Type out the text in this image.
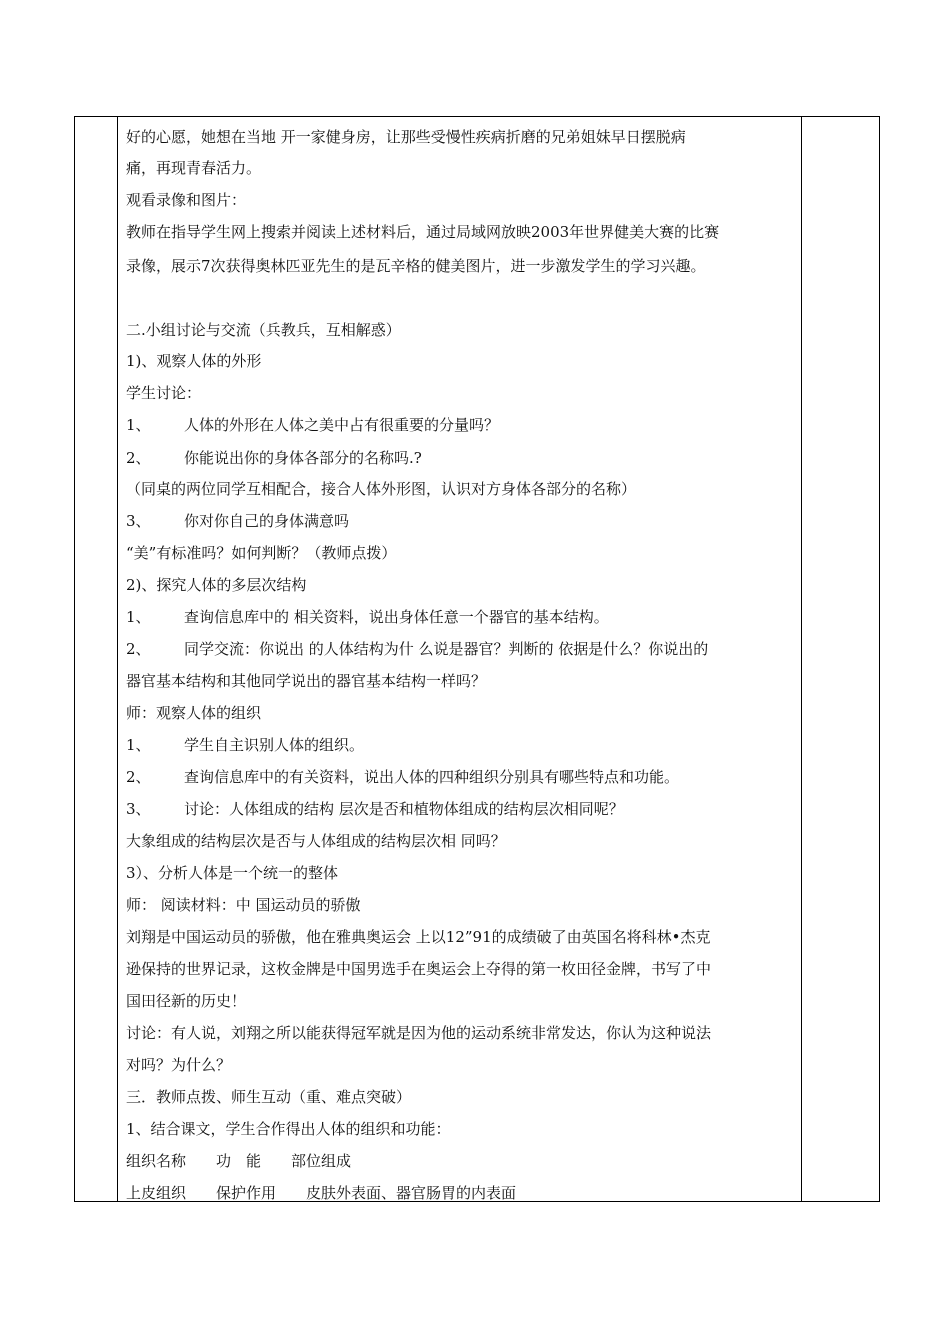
好的心愿，她想在当地 开一家健身房，让那些受慢性疾病折磨的兄弟姐妹早日摆脱病
痛，再现青春活力。
观看录像和图片：
教师在指导学生网上搜索并阅读上述材料后，通过局域网放映2003年世界健美大赛的比赛
录像，展示7次获得奥林匹亚先生的是瓦辛格的健美图片，进一步激发学生的学习兴趣。
二.小组讨论与交流（兵教兵，互相解惑）
1)、观察人体的外形
学生讨论：
1、 人体的外形在人体之美中占有很重要的分量吗？
2、 你能说出你的身体各部分的名称吗.?
（同桌的两位同学互相配合，接合人体外形图，认识对方身体各部分的名称）
3、 你对你自己的身体满意吗
“美”有标准吗？如何判断？（教师点拨）
2)、探究人体的多层次结构
1、 查询信息库中的 相关资料，说出身体任意一个器官的基本结构。
2、 同学交流：你说出 的人体结构为什 么说是器官？判断的 依据是什么？你说出的
器官基本结构和其他同学说出的器官基本结构一样吗？
师：观察人体的组织
1、 学生自主识别人体的组织。
2、 查询信息库中的有关资料，说出人体的四种组织分别具有哪些特点和功能。
3、 讨论：人体组成的结构 层次是否和植物体组成的结构层次相同呢？
大象组成的结构层次是否与人体组成的结构层次相 同吗？
3）、分析人体是一个统一的整体
师： 阅读材料：中 国运动员的骄傲
刘翔是中国运动员的骄傲，他在雅典奥运会 上以12”91的成绩破了由英国名将科林•杰克
逊保持的世界记录，这枚金牌是中国男选手在奥运会上夺得的第一枚田径金牌，书写了中
国田径新的历史！
讨论：有人说，刘翔之所以能获得冠军就是因为他的运动系统非常发达，你认为这种说法
对吗？为什么？
三．教师点拨、师生互动（重、难点突破）
1、结合课文，学生合作得出人体的组织和功能：
组织名称　　功　能　　部位组成
上皮组织　　保护作用　　皮肤外表面、器官肠胃的内表面
